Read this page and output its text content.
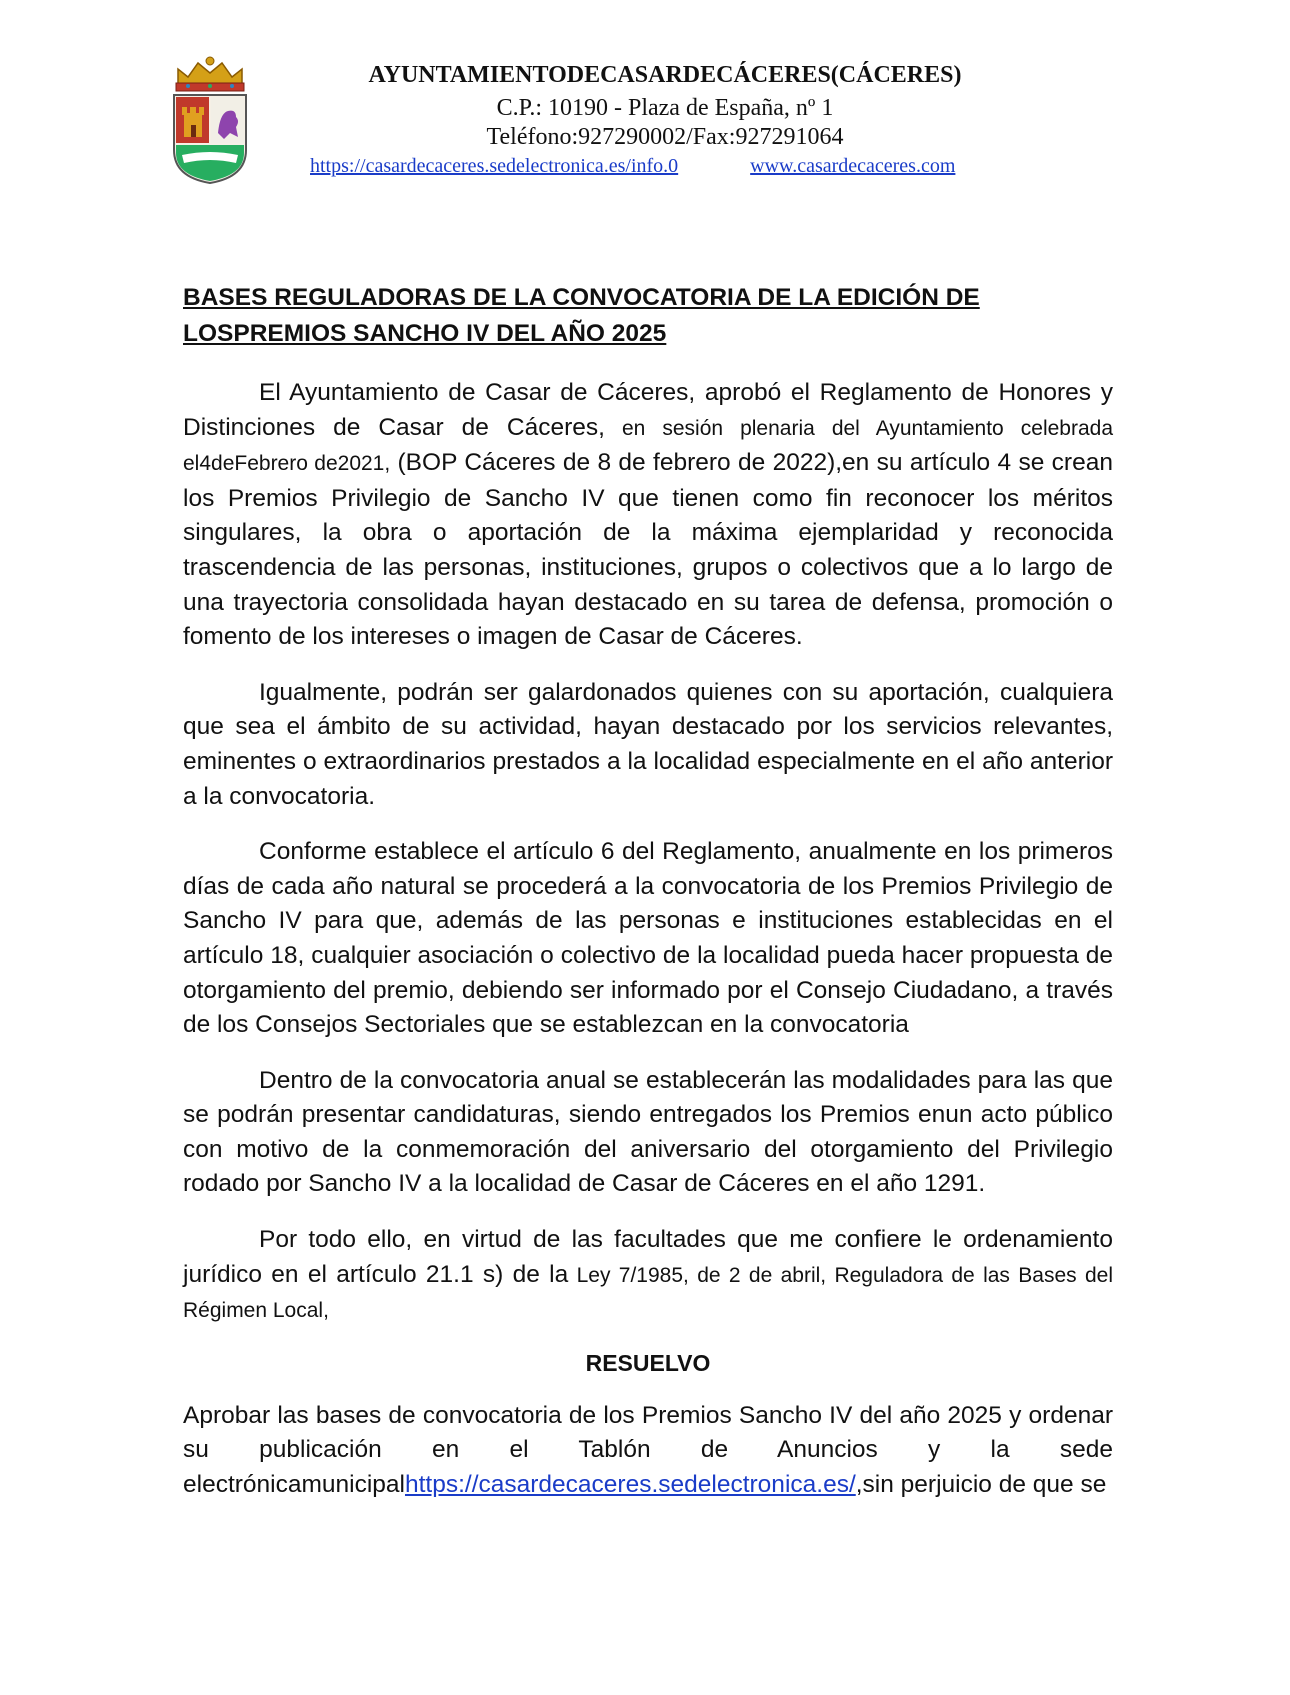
AYUNTAMIENTODECASARDECÁCERES(CÁCERES)
C.P.: 10190 - Plaza de España, nº 1
Teléfono:927290002/Fax:927291064
https://casardecaceres.sedelectronica.es/info.0	www.casardecaceres.com
BASES REGULADORAS DE LA CONVOCATORIA DE LA EDICIÓN DE
LOSPREMIOS SANCHO IV DEL AÑO 2025

El Ayuntamiento de Casar de Cáceres, aprobó el Reglamento de Honores y Distinciones de Casar de Cáceres, en sesión plenaria del Ayuntamiento celebrada el4deFebrero de2021, (BOP Cáceres de 8 de febrero de 2022),en su artículo 4 se crean los Premios Privilegio de Sancho IV que tienen como fin reconocer los méritos singulares, la obra o aportación de la máxima ejemplaridad y reconocida trascendencia de las personas, instituciones, grupos o colectivos que a lo largo de una trayectoria consolidada hayan destacado en su tarea de defensa, promoción o fomento de los intereses o imagen de Casar de Cáceres.

Igualmente, podrán ser galardonados quienes con su aportación, cualquiera que sea el ámbito de su actividad, hayan destacado por los servicios relevantes, eminentes o extraordinarios prestados a la localidad especialmente en el año anterior a la convocatoria.

Conforme establece el artículo 6 del Reglamento, anualmente en los primeros días de cada año natural se procederá a la convocatoria de los Premios Privilegio de Sancho IV para que, además de las personas e instituciones establecidas en el artículo 18, cualquier asociación o colectivo de la localidad pueda hacer propuesta de otorgamiento del premio, debiendo ser informado por el Consejo Ciudadano, a través de los Consejos Sectoriales que se establezcan en la convocatoria

Dentro de la convocatoria anual se establecerán las modalidades para las que se podrán presentar candidaturas, siendo entregados los Premios enun acto público con motivo de la conmemoración del aniversario del otorgamiento del Privilegio rodado por Sancho IV a la localidad de Casar de Cáceres en el año 1291.

Por todo ello, en virtud de las facultades que me confiere le ordenamiento jurídico en el artículo 21.1 s) de la Ley 7/1985, de 2 de abril, Reguladora de las Bases del Régimen Local,

RESUELVO

Aprobar las bases de convocatoria de los Premios Sancho IV del año 2025 y ordenar su publicación en el Tablón de Anuncios y la sede electrónicamunicipalhttps://casardecaceres.sedelectronica.es/,sin perjuicio de que se
